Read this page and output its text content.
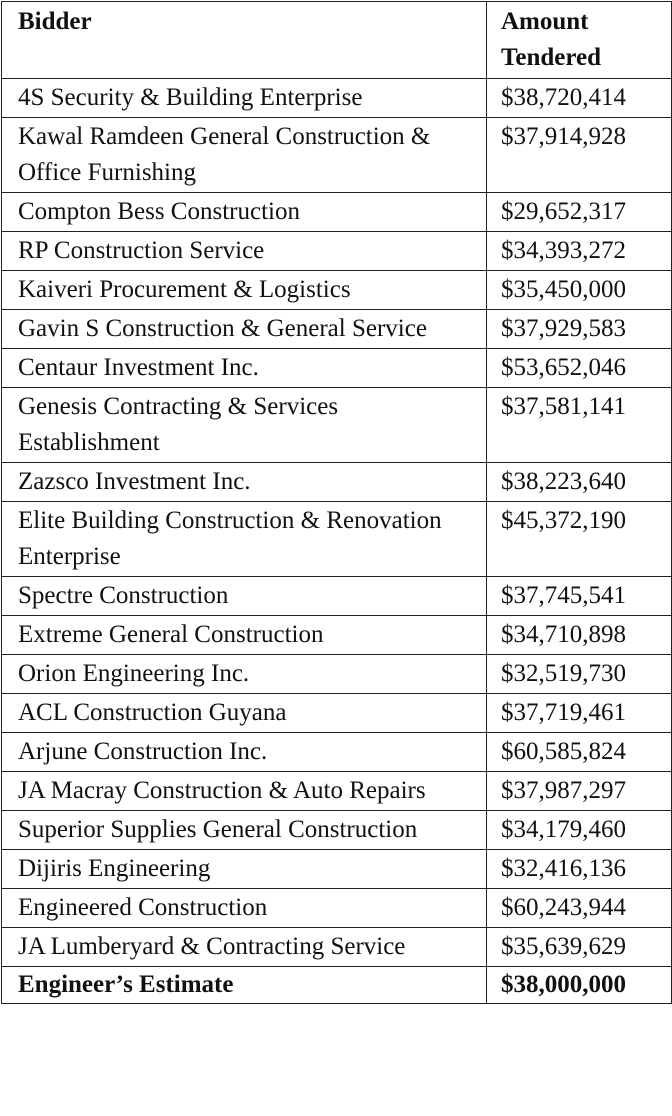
Bidder	Amount
Tendered
4S Security & Building Enterprise	$38,720,414
Kawal Ramdeen General Construction & Office Furnishing	$37,914,928
Compton Bess Construction	$29,652,317
RP Construction Service	$34,393,272
Kaiveri Procurement & Logistics	$35,450,000
Gavin S Construction & General Service	$37,929,583
Centaur Investment Inc.	$53,652,046
Genesis Contracting & Services Establishment	$37,581,141
Zazsco Investment Inc.	$38,223,640
Elite Building Construction & Renovation Enterprise	$45,372,190
Spectre Construction	$37,745,541
Extreme General Construction	$34,710,898
Orion Engineering Inc.	$32,519,730
ACL Construction Guyana	$37,719,461
Arjune Construction Inc.	$60,585,824
JA Macray Construction & Auto Repairs	$37,987,297
Superior Supplies General Construction	$34,179,460
Dijiris Engineering	$32,416,136
Engineered Construction	$60,243,944
JA Lumberyard & Contracting Service	$35,639,629
Engineer’s Estimate	$38,000,000
